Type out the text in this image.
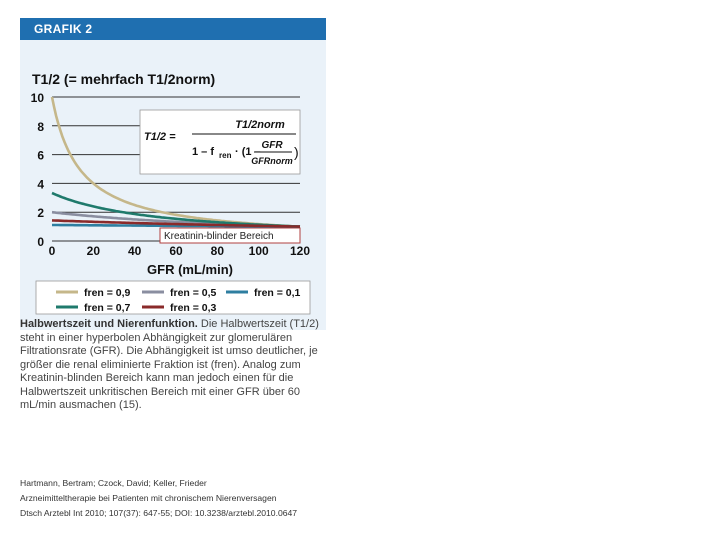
GRAFIK 2
T1/2 (= mehrfach T1/2norm)
0
2
4
6
8
10
0	20 40 60 80 100 120
GFR (mL/min)
Kreatinin-blinder Bereich
T1/2 =
T1/2norm
1 – f ren · (1 –
GFR
GFRnorm
)
fren = 0,9	fren = 0,5	fren = 0,1
fren = 0,7	fren = 0,3
Halbwertszeit und Nierenfunktion. Die Halbwertszeit (T1/2) steht in einer hyperbolen Abhängigkeit zur glomerulären Filtrationsrate (GFR). Die Abhängigkeit ist umso deutlicher, je größer die renal eliminierte Fraktion ist (fren). Analog zum Kreatinin-blinden Bereich kann man jedoch einen für die Halbwertszeit unkritischen Bereich mit einer GFR über 60 mL/min ausmachen (15).
Hartmann, Bertram; Czock, David; Keller, Frieder
Arzneimitteltherapie bei Patienten mit chronischem Nierenversagen
Dtsch Arztebl Int 2010; 107(37): 647-55; DOI: 10.3238/arztebl.2010.0647
